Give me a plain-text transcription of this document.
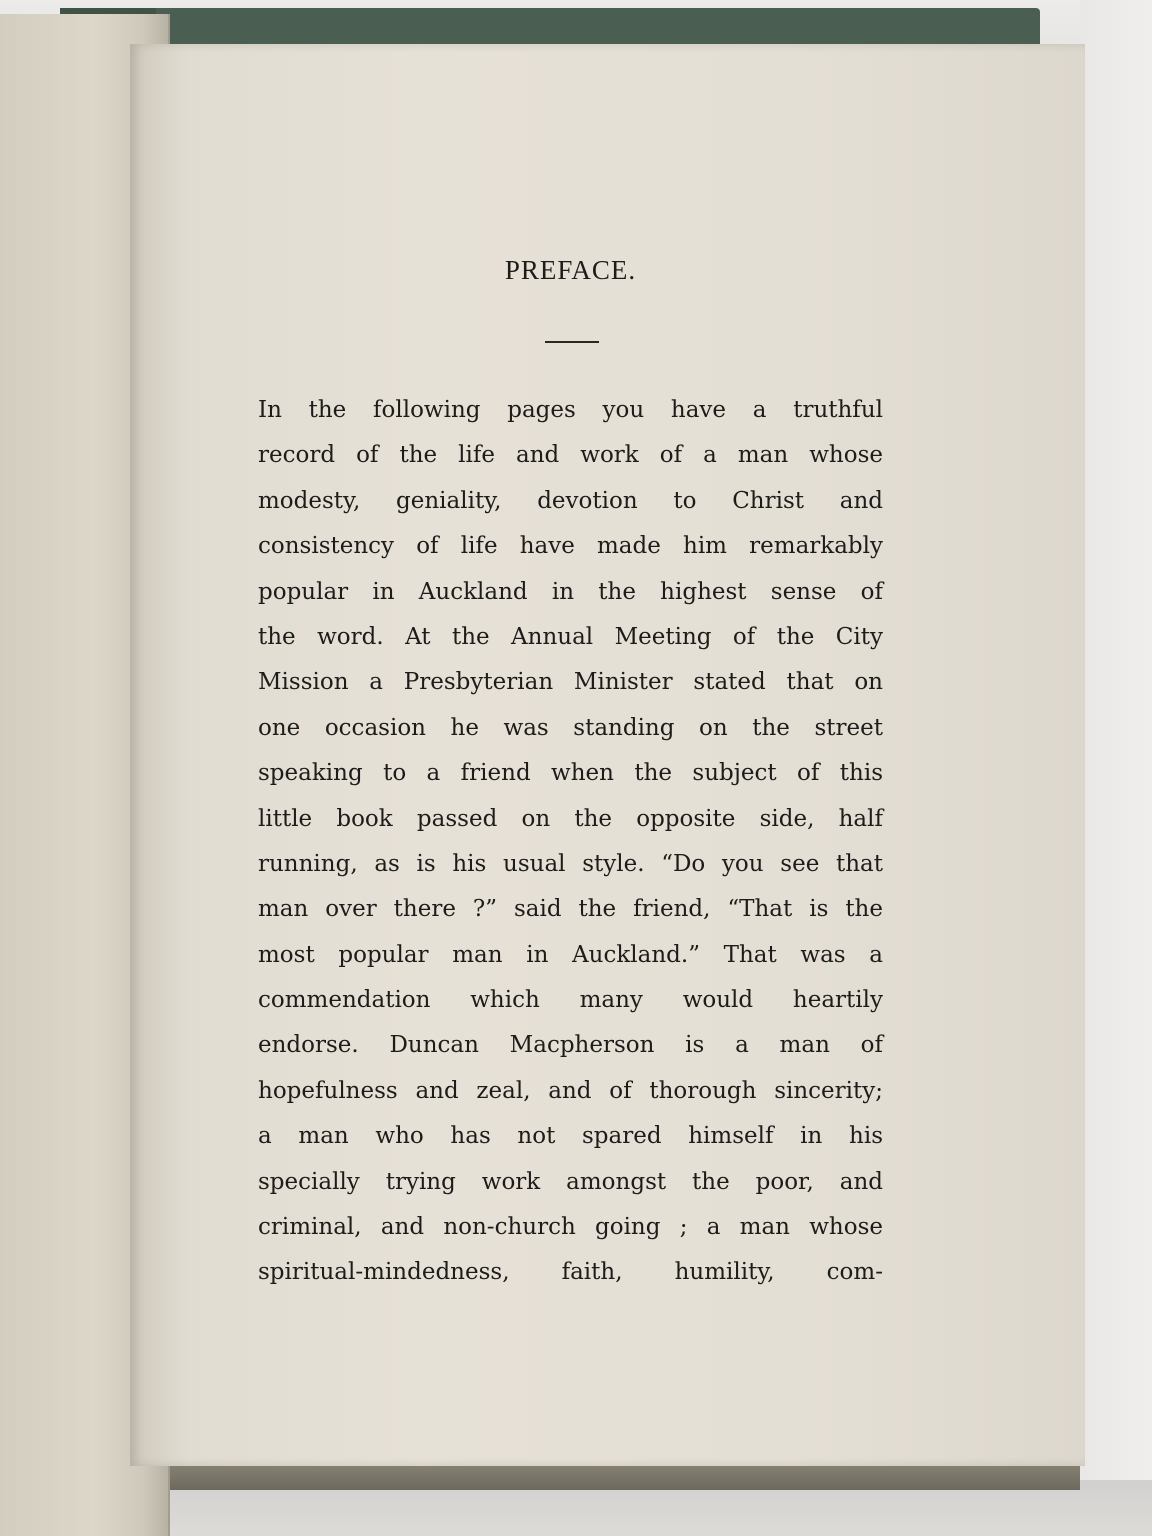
PREFACE.
In the following pages you have a truthful
record of the life and work of a man whose
modesty, geniality, devotion to Christ and
consistency of life have made him remarkably
popular in Auckland in the highest sense of
the word. At the Annual Meeting of the City
Mission a Presbyterian Minister stated that on
one occasion he was standing on the street
speaking to a friend when the subject of this
little book passed on the opposite side, half
running, as is his usual style. “Do you see that
man over there ?” said the friend, “That is the
most popular man in Auckland.” That was a
commendation which many would heartily
endorse. Duncan Macpherson is a man of
hopefulness and zeal, and of thorough sincerity;
a man who has not spared himself in his
specially trying work amongst the poor, and
criminal, and non-church going ; a man whose
spiritual-mindedness, faith, humility, com-
